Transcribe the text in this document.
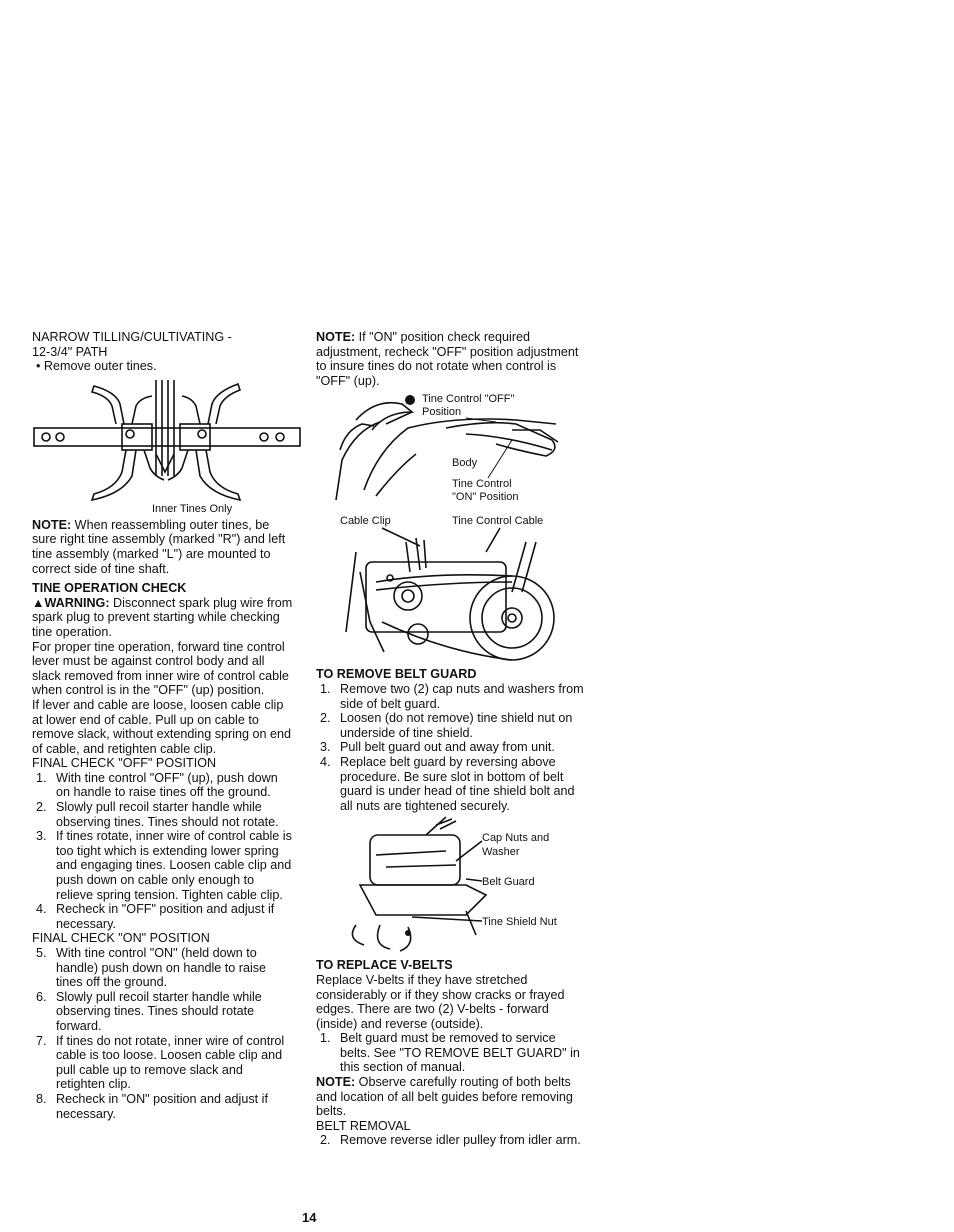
NARROW TILLING/CULTIVATING -
12-3/4" PATH

• Remove outer tines.

Inner Tines Only

NOTE: When reassembling outer tines, be sure right tine assembly (marked "R") and left tine assembly (marked "L") are mounted to correct side of tine shaft.

TINE OPERATION CHECK

▲WARNING: Disconnect spark plug wire from spark plug to prevent starting while checking tine operation.

For proper tine operation, forward tine control lever must be against control body and all slack removed from inner wire of control cable when control is in the "OFF" (up) position.

If lever and cable are loose, loosen cable clip at lower end of cable. Pull up on cable to remove slack, without extending spring on end of cable, and retighten cable clip.

FINAL CHECK "OFF" POSITION

1. With tine control "OFF" (up), push down on handle to raise tines off the ground.
2. Slowly pull recoil starter handle while observing tines. Tines should not rotate.
3. If tines rotate, inner wire of control cable is too tight which is extending lower spring and engaging tines. Loosen cable clip and push down on cable only enough to relieve spring tension. Tighten cable clip.
4. Recheck in "OFF" position and adjust if necessary.

FINAL CHECK "ON" POSITION

5. With tine control "ON" (held down to handle) push down on handle to raise tines off the ground.
6. Slowly pull recoil starter handle while observing tines. Tines should rotate forward.
7. If tines do not rotate, inner wire of control cable is too loose. Loosen cable clip and pull cable up to remove slack and retighten clip.
8. Recheck in "ON" position and adjust if necessary.

NOTE: If "ON" position check required adjustment, recheck "OFF" position adjustment to insure tines do not rotate when control is "OFF" (up).

Tine Control "OFF"
Position
Body
Tine Control
"ON" Position
Cable Clip	Tine Control Cable

TO REMOVE BELT GUARD

1. Remove two (2) cap nuts and washers from side of belt guard.
2. Loosen (do not remove) tine shield nut on underside of tine shield.
3. Pull belt guard out and away from unit.
4. Replace belt guard by reversing above procedure. Be sure slot in bottom of belt guard is under head of tine shield bolt and all nuts are tightened securely.
Cap Nuts and
Washer
Belt Guard
Tine Shield Nut

TO REPLACE V-BELTS

Replace V-belts if they have stretched considerably or if they show cracks or frayed edges. There are two (2) V-belts - forward (inside) and reverse (outside).

1. Belt guard must be removed to service belts. See "TO REMOVE BELT GUARD" in this section of manual.

NOTE: Observe carefully routing of both belts and location of all belt guides before removing belts.

BELT REMOVAL

2. Remove reverse idler pulley from idler arm.
14
